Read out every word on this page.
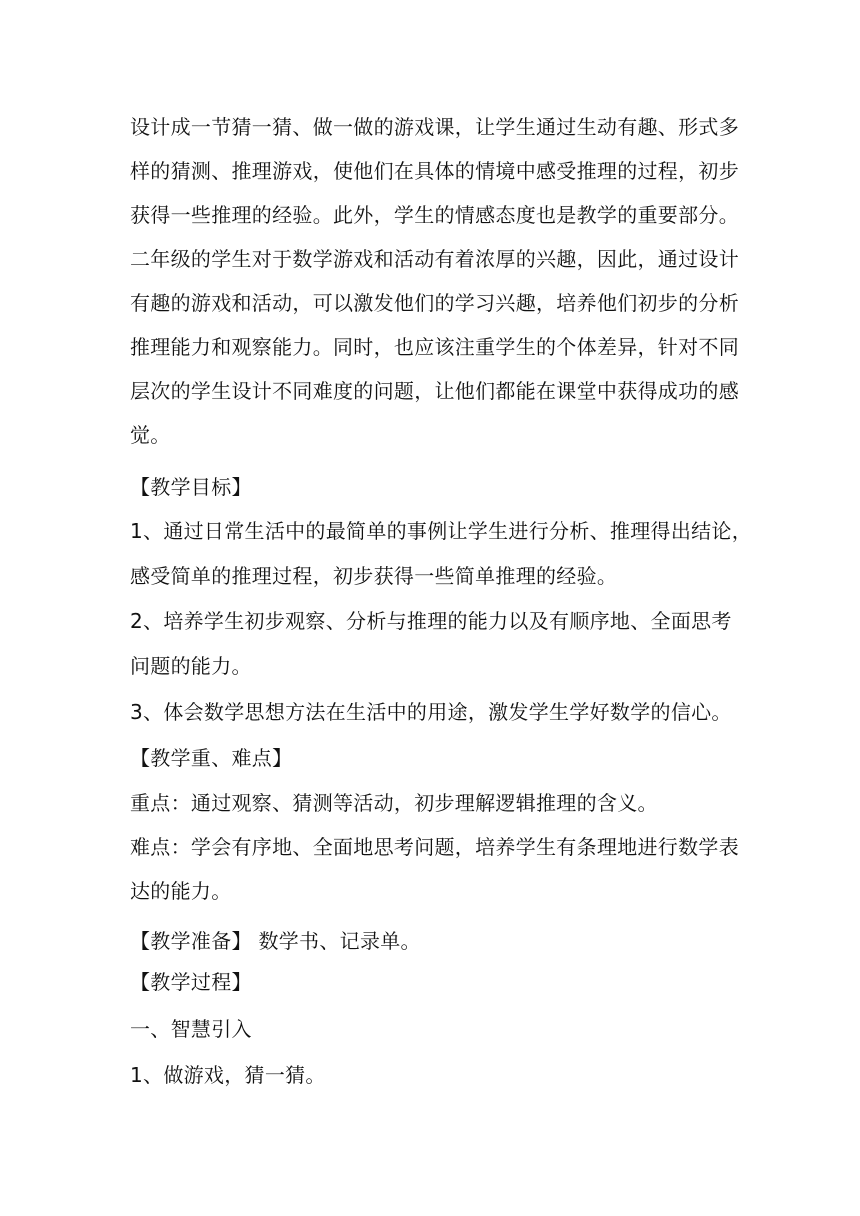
设计成一节猜一猜、做一做的游戏课，让学生通过生动有趣、形式多
样的猜测、推理游戏，使他们在具体的情境中感受推理的过程，初步
获得一些推理的经验。此外，学生的情感态度也是教学的重要部分。
二年级的学生对于数学游戏和活动有着浓厚的兴趣，因此，通过设计
有趣的游戏和活动，可以激发他们的学习兴趣，培养他们初步的分析
推理能力和观察能力。同时，也应该注重学生的个体差异，针对不同
层次的学生设计不同难度的问题，让他们都能在课堂中获得成功的感
觉。
【教学目标】
1、通过日常生活中的最简单的事例让学生进行分析、推理得出结论，
感受简单的推理过程，初步获得一些简单推理的经验。
2、培养学生初步观察、分析与推理的能力以及有顺序地、全面思考
问题的能力。
3、体会数学思想方法在生活中的用途，激发学生学好数学的信心。
【教学重、难点】
重点：通过观察、猜测等活动，初步理解逻辑推理的含义。
难点：学会有序地、全面地思考问题，培养学生有条理地进行数学表
达的能力。
【教学准备】 数学书、记录单。
【教学过程】
一、智慧引入
1、做游戏，猜一猜。
